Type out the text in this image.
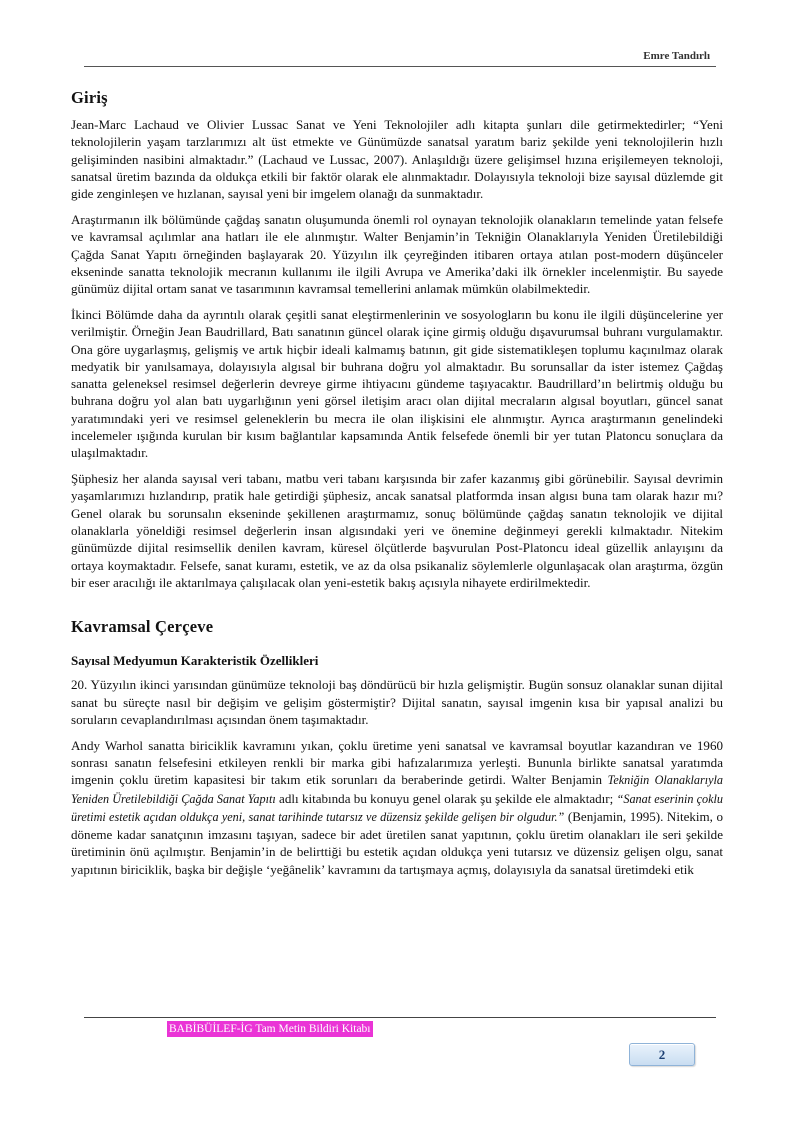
Emre Tandırlı
Giriş

Jean-Marc Lachaud ve Olivier Lussac Sanat ve Yeni Teknolojiler adlı kitapta şunları dile getirmektedirler; “Yeni teknolojilerin yaşam tarzlarımızı alt üst etmekte ve Günümüzde sanatsal yaratım bariz şekilde yeni teknolojilerin hızlı gelişiminden nasibini almaktadır.” (Lachaud ve Lussac, 2007). Anlaşıldığı üzere gelişimsel hızına erişilemeyen teknoloji, sanatsal üretim bazında da oldukça etkili bir faktör olarak ele alınmaktadır. Dolayısıyla teknoloji bize sayısal düzlemde git gide zenginleşen ve hızlanan, sayısal yeni bir imgelem olanağı da sunmaktadır.

Araştırmanın ilk bölümünde çağdaş sanatın oluşumunda önemli rol oynayan teknolojik olanakların temelinde yatan felsefe ve kavramsal açılımlar ana hatları ile ele alınmıştır. Walter Benjamin’in Tekniğin Olanaklarıyla Yeniden Üretilebildiği Çağda Sanat Yapıtı örneğinden başlayarak 20. Yüzyılın ilk çeyreğinden itibaren ortaya atılan post-modern düşünceler ekseninde sanatta teknolojik mecranın kullanımı ile ilgili Avrupa ve Amerika’daki ilk örnekler incelenmiştir. Bu sayede günümüz dijital ortam sanat ve tasarımının kavramsal temellerini anlamak mümkün olabilmektedir.

İkinci Bölümde daha da ayrıntılı olarak çeşitli sanat eleştirmenlerinin ve sosyologların bu konu ile ilgili düşüncelerine yer verilmiştir. Örneğin Jean Baudrillard, Batı sanatının güncel olarak içine girmiş olduğu dışavurumsal buhranı vurgulamaktır. Ona göre uygarlaşmış, gelişmiş ve artık hiçbir ideali kalmamış batının, git gide sistematikleşen toplumu kaçınılmaz olarak medyatik bir yanılsamaya, dolayısıyla algısal bir buhrana doğru yol almaktadır. Bu sorunsallar da ister istemez Çağdaş sanatta geleneksel resimsel değerlerin devreye girme ihtiyacını gündeme taşıyacaktır. Baudrillard’ın belirtmiş olduğu bu buhrana doğru yol alan batı uygarlığının yeni görsel iletişim aracı olan dijital mecraların algısal boyutları, güncel sanat yaratımındaki yeri ve resimsel geleneklerin bu mecra ile olan ilişkisini ele alınmıştır. Ayrıca araştırmanın genelindeki incelemeler ışığında kurulan bir kısım bağlantılar kapsamında Antik felsefede önemli bir yer tutan Platoncu sonuçlara da ulaşılmaktadır.

Şüphesiz her alanda sayısal veri tabanı, matbu veri tabanı karşısında bir zafer kazanmış gibi görünebilir. Sayısal devrimin yaşamlarımızı hızlandırıp, pratik hale getirdiği şüphesiz, ancak sanatsal platformda insan algısı buna tam olarak hazır mı? Genel olarak bu sorunsalın ekseninde şekillenen araştırmamız, sonuç bölümünde çağdaş sanatın teknolojik ve dijital olanaklarla yöneldiği resimsel değerlerin insan algısındaki yeri ve önemine değinmeyi gerekli kılmaktadır. Nitekim günümüzde dijital resimsellik denilen kavram, küresel ölçütlerde başvurulan Post-Platoncu ideal güzellik anlayışını da ortaya koymaktadır. Felsefe, sanat kuramı, estetik, ve az da olsa psikanaliz söylemlerle olgunlaşacak olan araştırma, özgün bir eser aracılığı ile aktarılmaya çalışılacak olan yeni-estetik bakış açısıyla nihayete erdirilmektedir.

Kavramsal Çerçeve
Sayısal Medyumun Karakteristik Özellikleri

20. Yüzyılın ikinci yarısından günümüze teknoloji baş döndürücü bir hızla gelişmiştir. Bugün sonsuz olanaklar sunan dijital sanat bu süreçte nasıl bir değişim ve gelişim göstermiştir? Dijital sanatın, sayısal imgenin kısa bir yapısal analizi bu soruların cevaplandırılması açısından önem taşımaktadır.

Andy Warhol sanatta biriciklik kavramını yıkan, çoklu üretime yeni sanatsal ve kavramsal boyutlar kazandıran ve 1960 sonrası sanatın felsefesini etkileyen renkli bir marka gibi hafızalarımıza yerleşti. Bununla birlikte sanatsal yaratımda imgenin çoklu üretim kapasitesi bir takım etik sorunları da beraberinde getirdi. Walter Benjamin Tekniğin Olanaklarıyla Yeniden Üretilebildiği Çağda Sanat Yapıtı adlı kitabında bu konuyu genel olarak şu şekilde ele almaktadır; “Sanat eserinin çoklu üretimi estetik açıdan oldukça yeni, sanat tarihinde tutarsız ve düzensiz şekilde gelişen bir olgudur.” (Benjamin, 1995). Nitekim, o döneme kadar sanatçının imzasını taşıyan, sadece bir adet üretilen sanat yapıtının, çoklu üretim olanakları ile seri şekilde üretiminin önü açılmıştır. Benjamin’in de belirttiği bu estetik açıdan oldukça yeni tutarsız ve düzensiz gelişen olgu, sanat yapıtının biriciklik, başka bir değişle ‘yeğânelik’ kavramını da tartışmaya açmış, dolayısıyla da sanatsal üretimdeki etik

BABİBÜİLEF-İG Tam Metin Bildiri Kitabı
2
